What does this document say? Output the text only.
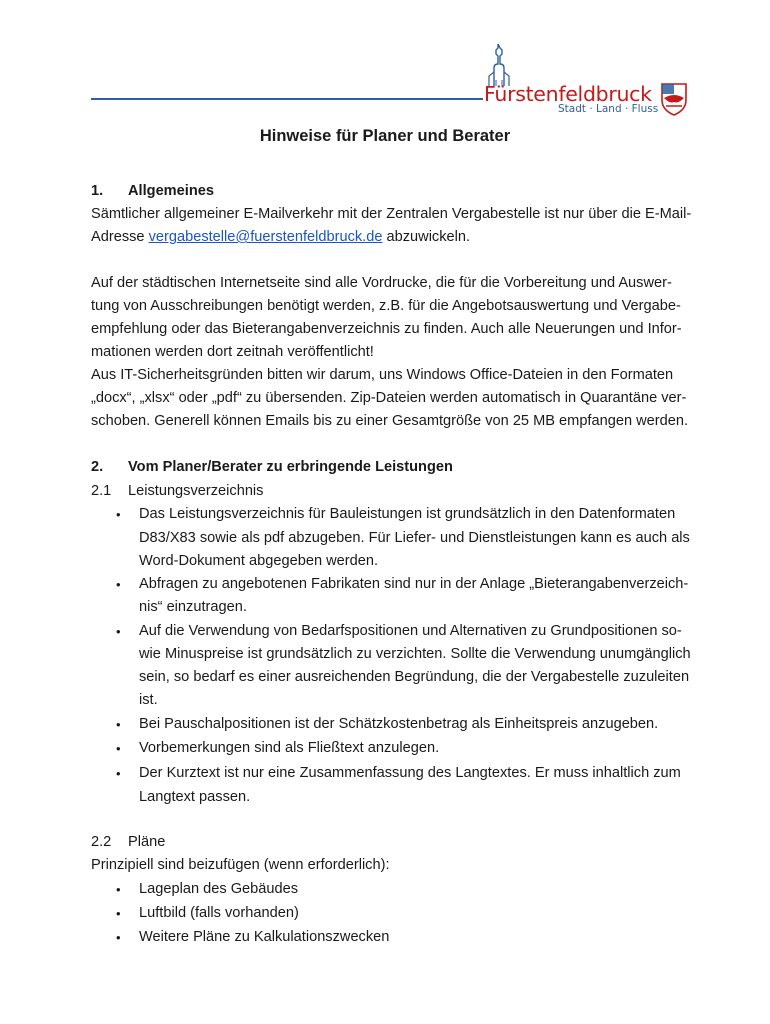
Fürstenfeldbruck
Stadt · Land · Fluss
Hinweise für Planer und Berater
1. Allgemeines
Sämtlicher allgemeiner E-Mailverkehr mit der Zentralen Vergabestelle ist nur über die E-Mail-
Adresse vergabestelle@fuerstenfeldbruck.de abzuwickeln.
Auf der städtischen Internetseite sind alle Vordrucke, die für die Vorbereitung und Auswer-
tung von Ausschreibungen benötigt werden, z.B. für die Angebotsauswertung und Vergabe-
empfehlung oder das Bieterangabenverzeichnis zu finden. Auch alle Neuerungen und Infor-
mationen werden dort zeitnah veröffentlicht!
Aus IT-Sicherheitsgründen bitten wir darum, uns Windows Office-Dateien in den Formaten
„docx“, „xlsx“ oder „pdf“ zu übersenden. Zip-Dateien werden automatisch in Quarantäne ver-
schoben. Generell können Emails bis zu einer Gesamtgröße von 25 MB empfangen werden.
2. Vom Planer/Berater zu erbringende Leistungen
2.1 Leistungsverzeichnis
• Das Leistungsverzeichnis für Bauleistungen ist grundsätzlich in den Datenformaten
D83/X83 sowie als pdf abzugeben. Für Liefer- und Dienstleistungen kann es auch als
Word-Dokument abgegeben werden.
• Abfragen zu angebotenen Fabrikaten sind nur in der Anlage „Bieterangabenverzeich-
nis“ einzutragen.
• Auf die Verwendung von Bedarfspositionen und Alternativen zu Grundpositionen so-
wie Minuspreise ist grundsätzlich zu verzichten. Sollte die Verwendung unumgänglich
sein, so bedarf es einer ausreichenden Begründung, die der Vergabestelle zuzuleiten
ist.
• Bei Pauschalpositionen ist der Schätzkostenbetrag als Einheitspreis anzugeben.
• Vorbemerkungen sind als Fließtext anzulegen.
• Der Kurztext ist nur eine Zusammenfassung des Langtextes. Er muss inhaltlich zum
Langtext passen.
2.2 Pläne
Prinzipiell sind beizufügen (wenn erforderlich):
• Lageplan des Gebäudes
• Luftbild (falls vorhanden)
• Weitere Pläne zu Kalkulationszwecken
